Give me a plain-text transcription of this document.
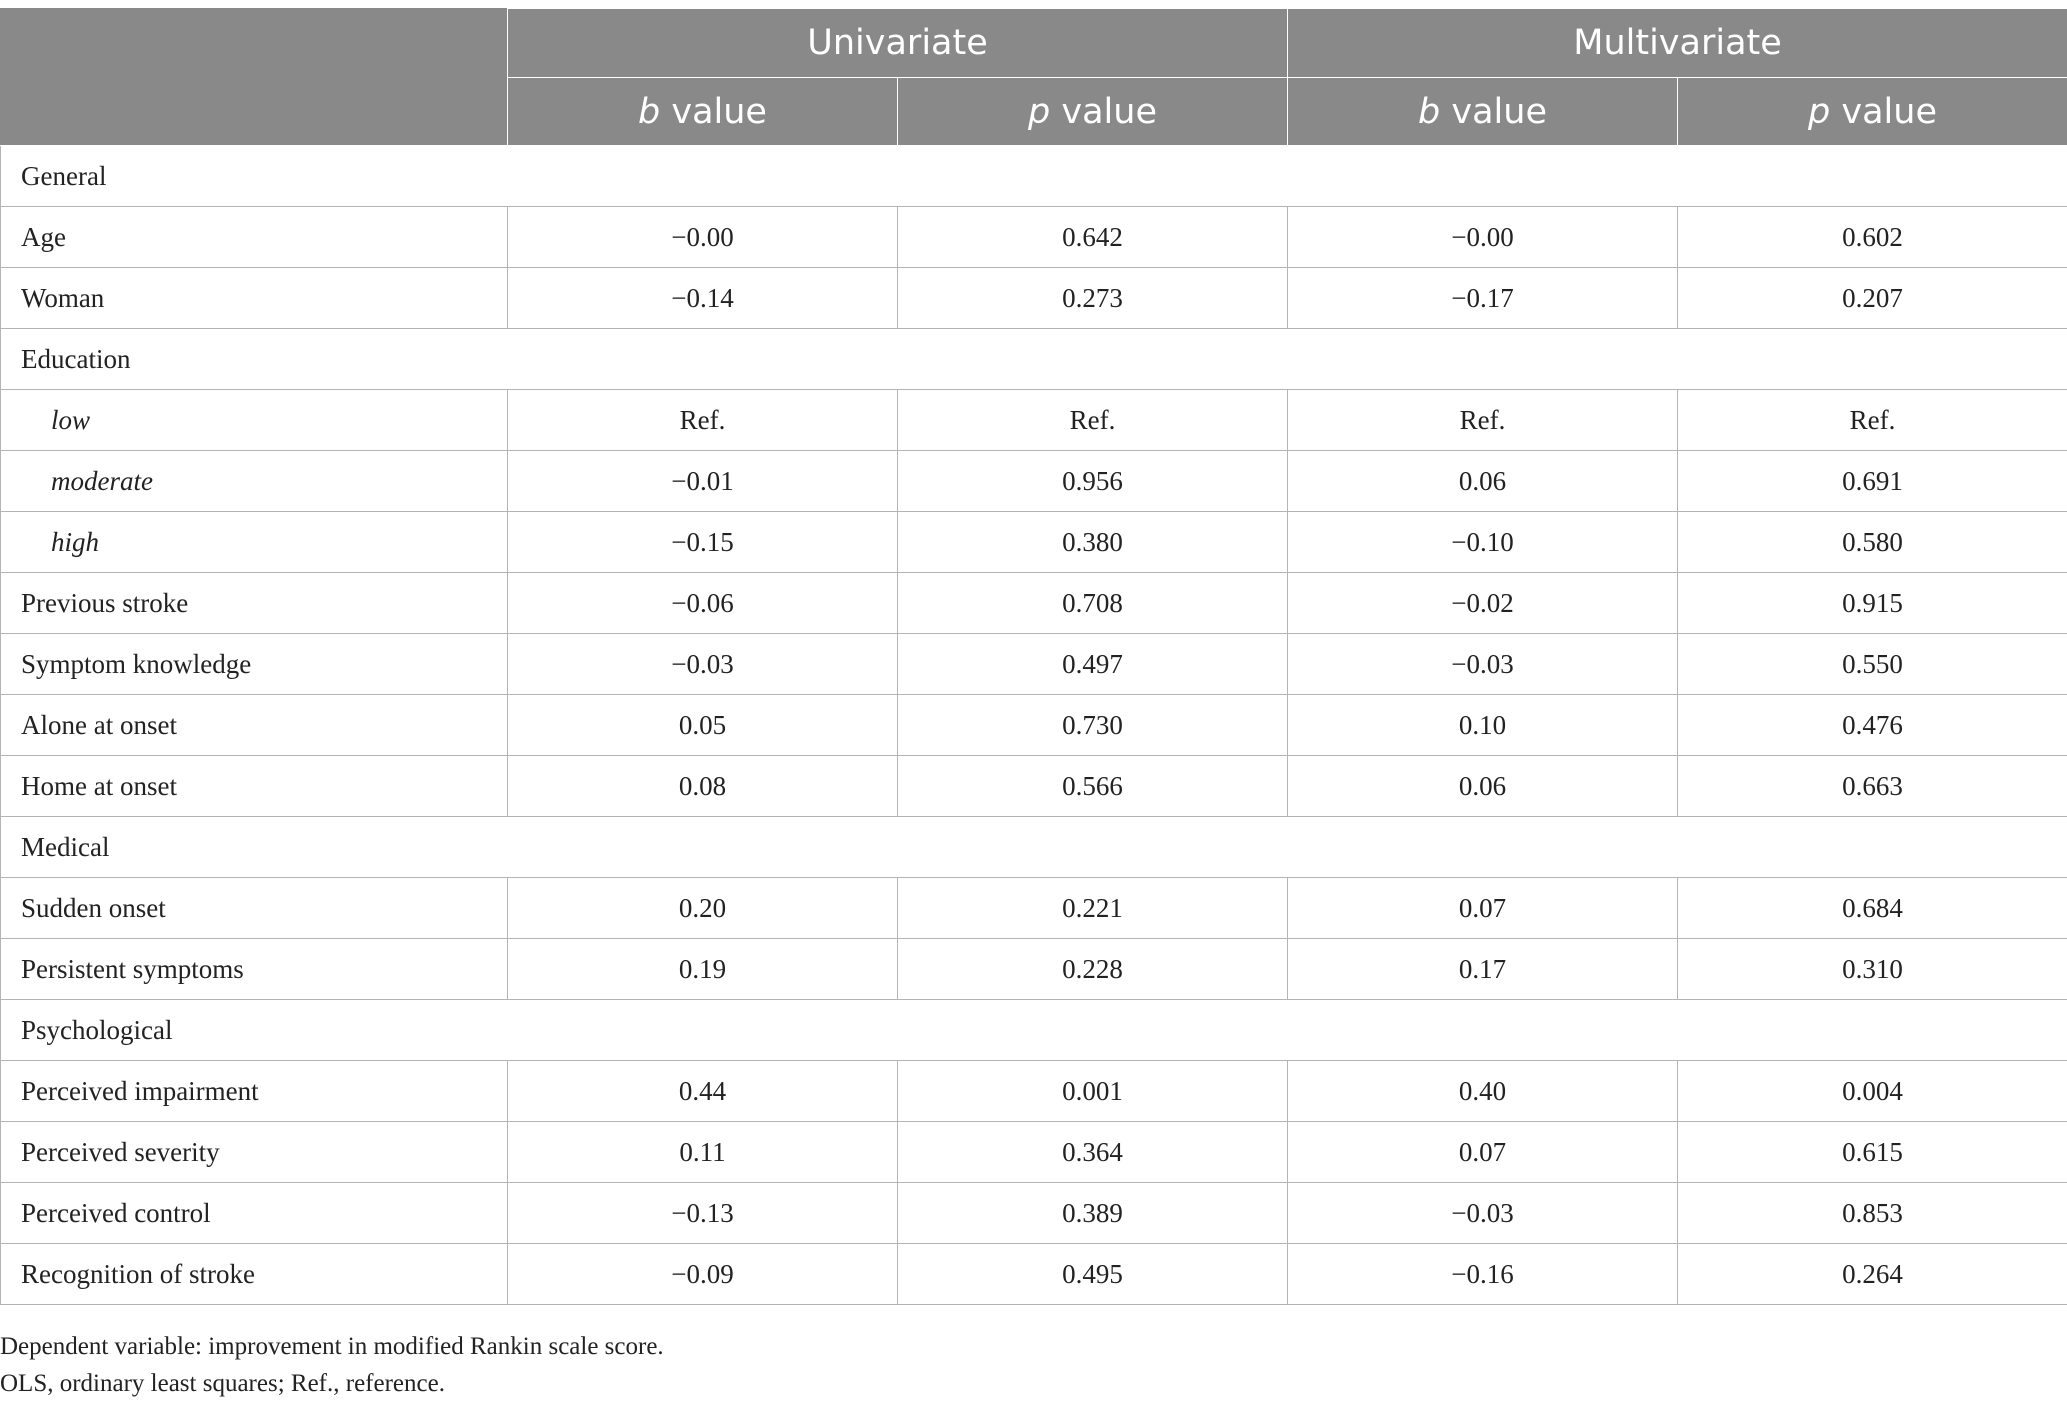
	Univariate		Multivariate	
	b value	p value	b value	p value
General				
Age	−0.00	0.642	−0.00	0.602
Woman	−0.14	0.273	−0.17	0.207
Education				
low	Ref.	Ref.	Ref.	Ref.
moderate	−0.01	0.956	0.06	0.691
high	−0.15	0.380	−0.10	0.580
Previous stroke	−0.06	0.708	−0.02	0.915
Symptom knowledge	−0.03	0.497	−0.03	0.550
Alone at onset	0.05	0.730	0.10	0.476
Home at onset	0.08	0.566	0.06	0.663
Medical				
Sudden onset	0.20	0.221	0.07	0.684
Persistent symptoms	0.19	0.228	0.17	0.310
Psychological				
Perceived impairment	0.44	0.001	0.40	0.004
Perceived severity	0.11	0.364	0.07	0.615
Perceived control	−0.13	0.389	−0.03	0.853
Recognition of stroke	−0.09	0.495	−0.16	0.264
Dependent variable: improvement in modified Rankin scale score.
OLS, ordinary least squares; Ref., reference.
